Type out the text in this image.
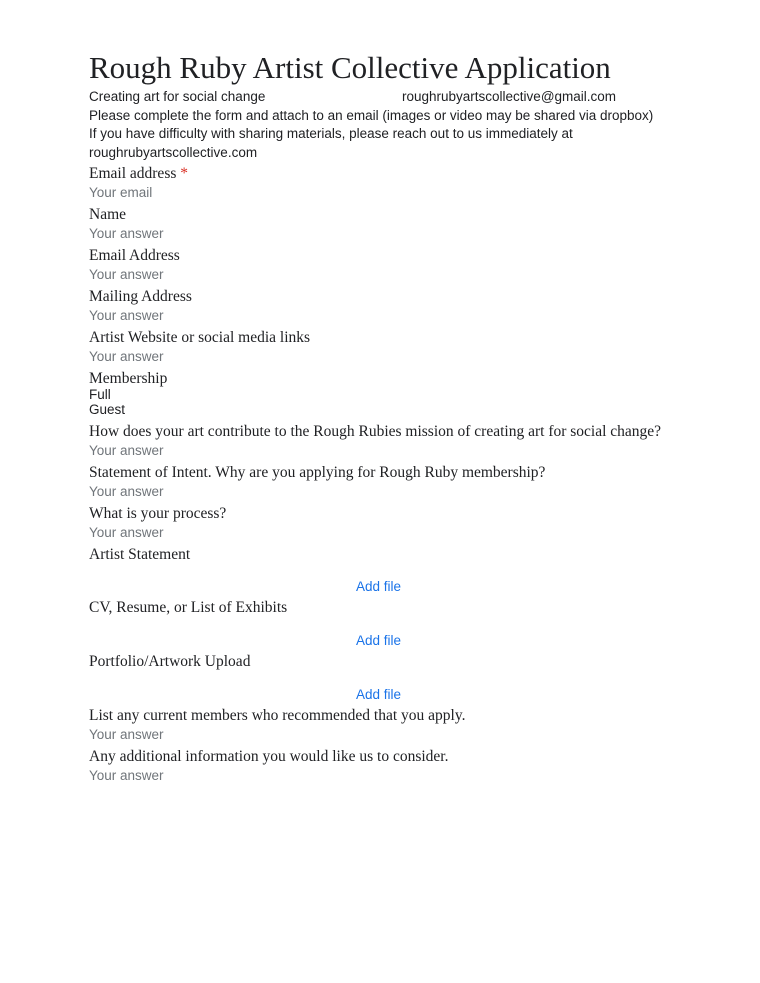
Rough Ruby Artist Collective Application
Creating art for social change	roughrubyartscollective@gmail.com
Please complete the form and attach to an email (images or video may be shared via dropbox)
If you have difficulty with sharing materials, please reach out to us immediately at
roughrubyartscollective.com
Email address *
Your email
Name
Your answer
Email Address
Your answer
Mailing Address
Your answer
Artist Website or social media links
Your answer
Membership
Full
Guest
How does your art contribute to the Rough Rubies mission of creating art for social change?
Your answer
Statement of Intent. Why are you applying for Rough Ruby membership?
Your answer
What is your process?
Your answer
Artist Statement
Add file
CV, Resume, or List of Exhibits
Add file
Portfolio/Artwork Upload
Add file
List any current members who recommended that you apply.
Your answer
Any additional information you would like us to consider.
Your answer
